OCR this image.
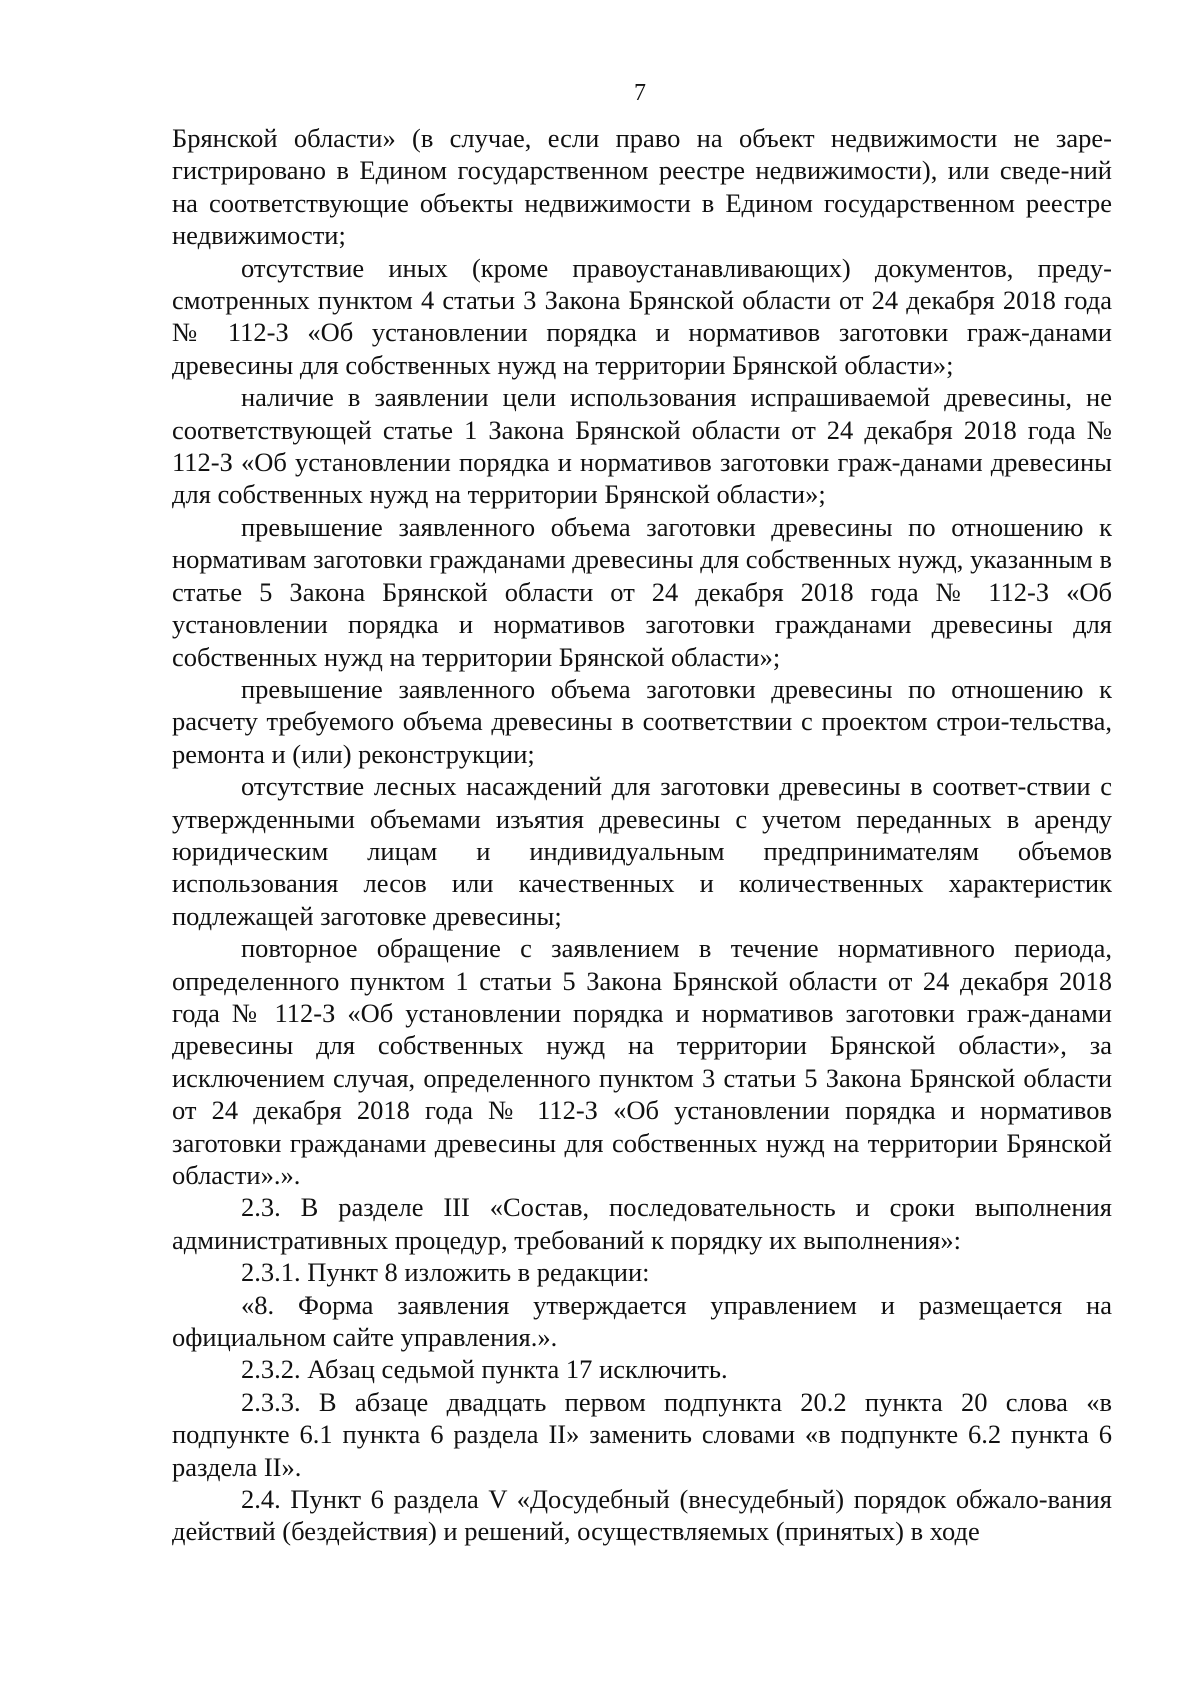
7

Брянской области» (в случае, если право на объект недвижимости не заре-гистрировано в Едином государственном реестре недвижимости), или сведе-ний на соответствующие объекты недвижимости в Едином государственном реестре недвижимости;

отсутствие иных (кроме правоустанавливающих) документов, преду-смотренных пунктом 4 статьи 3 Закона Брянской области от 24 декабря 2018 года № 112-З «Об установлении порядка и нормативов заготовки граж-данами древесины для собственных нужд на территории Брянской области»;

наличие в заявлении цели использования испрашиваемой древесины, не соответствующей статье 1 Закона Брянской области от 24 декабря 2018 года № 112-З «Об установлении порядка и нормативов заготовки граж-данами древесины для собственных нужд на территории Брянской области»;

превышение заявленного объема заготовки древесины по отношению к нормативам заготовки гражданами древесины для собственных нужд, указанным в статье 5 Закона Брянской области от 24 декабря 2018 года № 112-З «Об установлении порядка и нормативов заготовки гражданами древесины для собственных нужд на территории Брянской области»;

превышение заявленного объема заготовки древесины по отношению к расчету требуемого объема древесины в соответствии с проектом строи-тельства, ремонта и (или) реконструкции;

отсутствие лесных насаждений для заготовки древесины в соответ-ствии с утвержденными объемами изъятия древесины с учетом переданных в аренду юридическим лицам и индивидуальным предпринимателям объемов использования лесов или качественных и количественных характеристик подлежащей заготовке древесины;

повторное обращение с заявлением в течение нормативного периода, определенного пунктом 1 статьи 5 Закона Брянской области от 24 декабря 2018 года № 112-З «Об установлении порядка и нормативов заготовки граж-данами древесины для собственных нужд на территории Брянской области», за исключением случая, определенного пунктом 3 статьи 5 Закона Брянской области от 24 декабря 2018 года № 112-З «Об установлении порядка и нормативов заготовки гражданами древесины для собственных нужд на территории Брянской области».».

2.3. В разделе III «Состав, последовательность и сроки выполнения административных процедур, требований к порядку их выполнения»:

2.3.1. Пункт 8 изложить в редакции:

«8. Форма заявления утверждается управлением и размещается на официальном сайте управления.».

2.3.2. Абзац седьмой пункта 17 исключить.

2.3.3. В абзаце двадцать первом подпункта 20.2 пункта 20 слова «в подпункте 6.1 пункта 6 раздела II» заменить словами «в подпункте 6.2 пункта 6 раздела II».

2.4. Пункт 6 раздела V «Досудебный (внесудебный) порядок обжало-вания действий (бездействия) и решений, осуществляемых (принятых) в ходе
